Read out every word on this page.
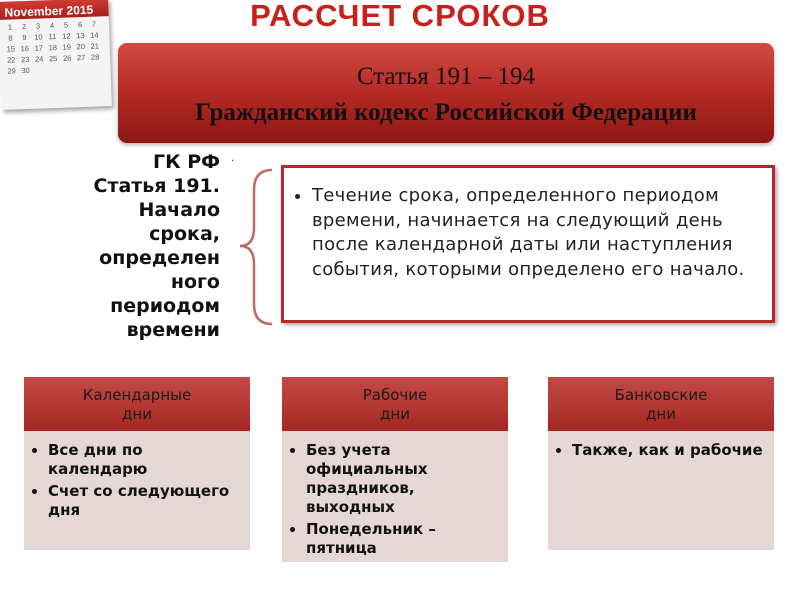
November 2015
1	2	3	4	5	6	7
8	9 10 11 12 13 14
15 16 17 18 19 20 21
22 23 24 25 26 27 28
29 30
РАССЧЕТ СРОКОВ
Статья 191 – 194
Гражданский кодекс Российской Федерации
.
ГК РФ
Статья 191.
Начало
срока,
определен
ного
периодом
времени
• Течение срока, определенного периодом времени, начинается на следующий день после календарной даты или наступления события, которыми определено его начало.
Календарные
дни
• Все дни по календарю
• Счет со следующего дня
Рабочие
дни
• Без учета официальных праздников, выходных
• Понедельник – пятница
Банковские
дни
• Также, как и рабочие
